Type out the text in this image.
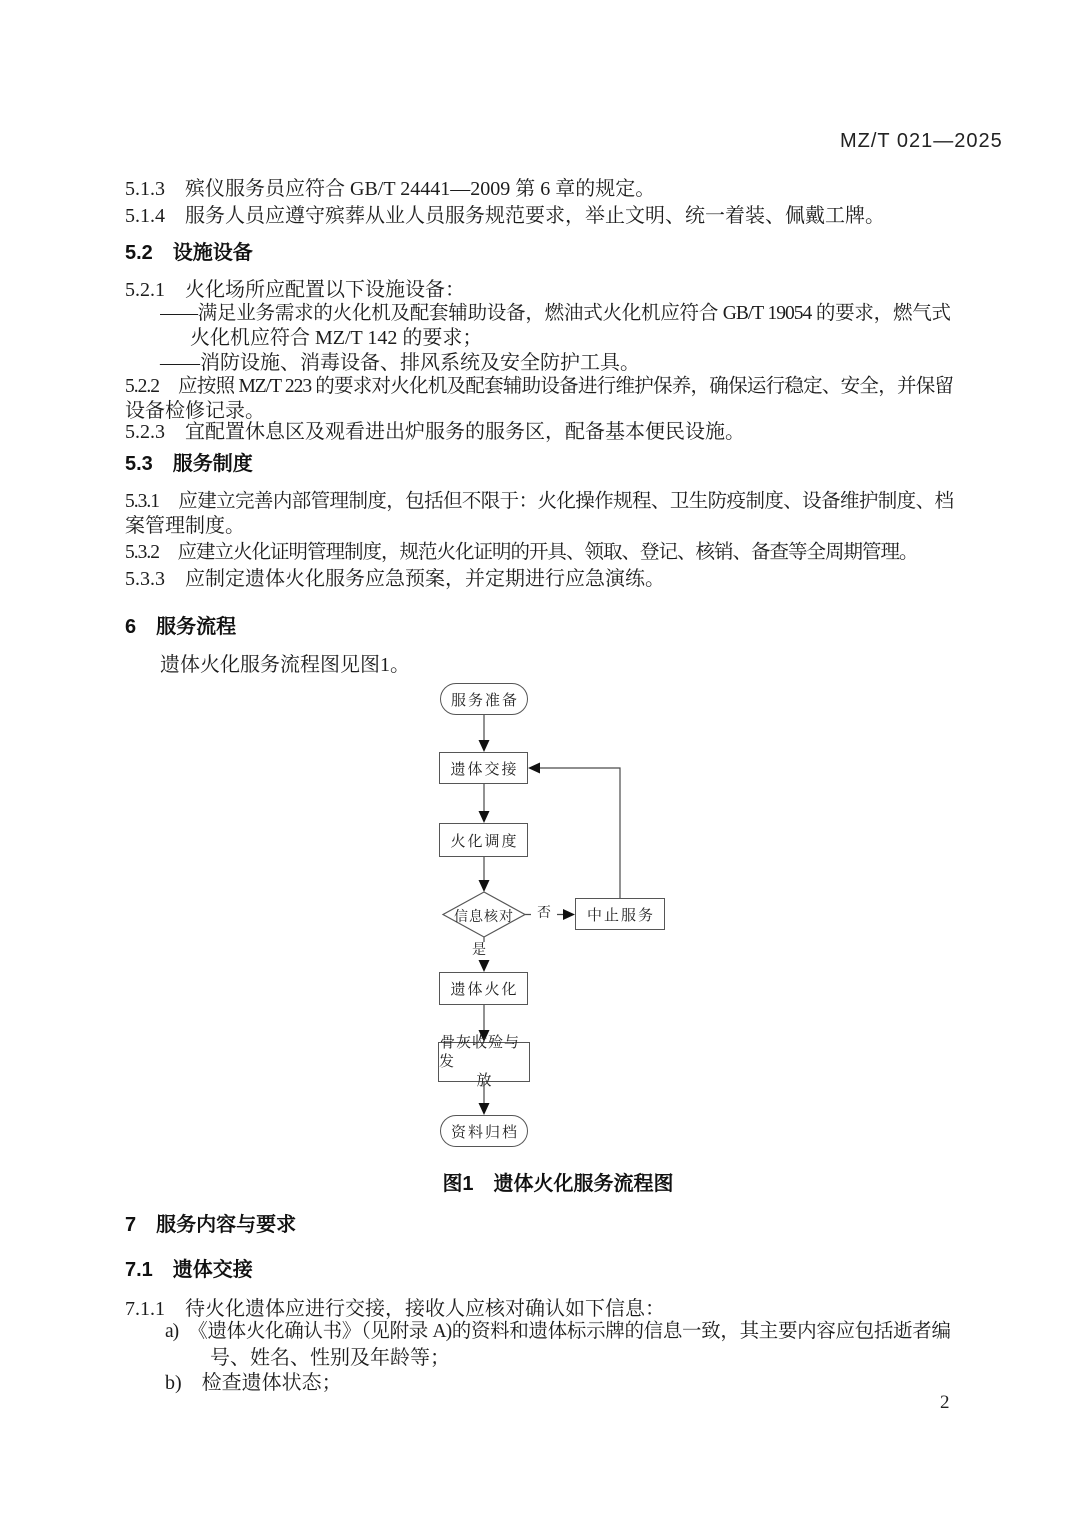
MZ/T 021—2025
5.1.3　殡仪服务员应符合 GB/T 24441—2009 第 6 章的规定。
5.1.4　服务人员应遵守殡葬从业人员服务规范要求，举止文明、统一着装、佩戴工牌。
5.2　设施设备
5.2.1　火化场所应配置以下设施设备：
——满足业务需求的火化机及配套辅助设备，燃油式火化机应符合 GB/T 19054 的要求，燃气式
火化机应符合 MZ/T 142 的要求；
——消防设施、消毒设备、排风系统及安全防护工具。
5.2.2　应按照 MZ/T 223 的要求对火化机及配套辅助设备进行维护保养，确保运行稳定、安全，并保留
设备检修记录。
5.2.3　宜配置休息区及观看进出炉服务的服务区，配备基本便民设施。
5.3　服务制度
5.3.1　应建立完善内部管理制度，包括但不限于：火化操作规程、卫生防疫制度、设备维护制度、档
案管理制度。
5.3.2　应建立火化证明管理制度，规范火化证明的开具、领取、登记、核销、备查等全周期管理。
5.3.3　应制定遗体火化服务应急预案，并定期进行应急演练。
6　服务流程
遗体火化服务流程图见图1。
服务准备
遗体交接
火化调度
信息核对	中止服务
遗体火化
骨灰收殓与发
放
资料归档
否
是
图1　遗体火化服务流程图
7　服务内容与要求
7.1　遗体交接
7.1.1　待火化遗体应进行交接，接收人应核对确认如下信息：
a)　《遗体火化确认书》（见附录 A)的资料和遗体标示牌的信息一致，其主要内容应包括逝者编
号、姓名、性别及年龄等；
b)　检查遗体状态；
2
